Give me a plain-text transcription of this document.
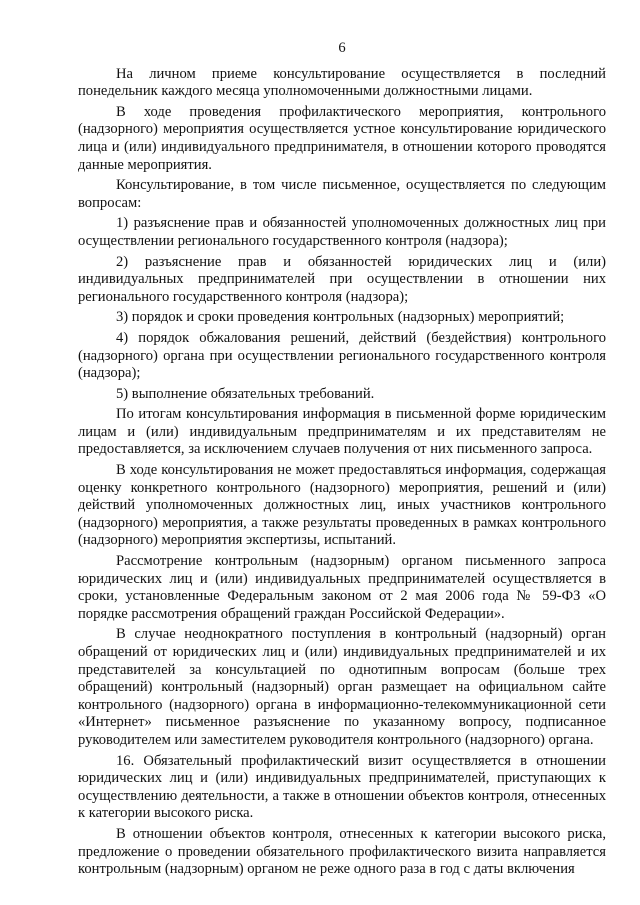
6

На личном приеме консультирование осуществляется в последний понедельник каждого месяца уполномоченными должностными лицами.

В ходе проведения профилактического мероприятия, контрольного (надзорного) мероприятия осуществляется устное консультирование юридического лица и (или) индивидуального предпринимателя, в отношении которого проводятся данные мероприятия.

Консультирование, в том числе письменное, осуществляется по следующим вопросам:

1) разъяснение прав и обязанностей уполномоченных должностных лиц при осуществлении регионального государственного контроля (надзора);

2) разъяснение прав и обязанностей юридических лиц и (или) индивидуальных предпринимателей при осуществлении в отношении них регионального государственного контроля (надзора);

3) порядок и сроки проведения контрольных (надзорных) мероприятий;

4) порядок обжалования решений, действий (бездействия) контрольного (надзорного) органа при осуществлении регионального государственного контроля (надзора);

5) выполнение обязательных требований.

По итогам консультирования информация в письменной форме юридическим лицам и (или) индивидуальным предпринимателям и их представителям не предоставляется, за исключением случаев получения от них письменного запроса.

В ходе консультирования не может предоставляться информация, содержащая оценку конкретного контрольного (надзорного) мероприятия, решений и (или) действий уполномоченных должностных лиц, иных участников контрольного (надзорного) мероприятия, а также результаты проведенных в рамках контрольного (надзорного) мероприятия экспертизы, испытаний.

Рассмотрение контрольным (надзорным) органом письменного запроса юридических лиц и (или) индивидуальных предпринимателей осуществляется в сроки, установленные Федеральным законом от 2 мая 2006 года № 59-ФЗ «О порядке рассмотрения обращений граждан Российской Федерации».

В случае неоднократного поступления в контрольный (надзорный) орган обращений от юридических лиц и (или) индивидуальных предпринимателей и их представителей за консультацией по однотипным вопросам (больше трех обращений) контрольный (надзорный) орган размещает на официальном сайте контрольного (надзорного) органа в информационно-телекоммуникационной сети «Интернет» письменное разъяснение по указанному вопросу, подписанное руководителем или заместителем руководителя контрольного (надзорного) органа.

16. Обязательный профилактический визит осуществляется в отношении юридических лиц и (или) индивидуальных предпринимателей, приступающих к осуществлению деятельности, а также в отношении объектов контроля, отнесенных к категории высокого риска.

В отношении объектов контроля, отнесенных к категории высокого риска, предложение о проведении обязательного профилактического визита направляется контрольным (надзорным) органом не реже одного раза в год с даты включения
